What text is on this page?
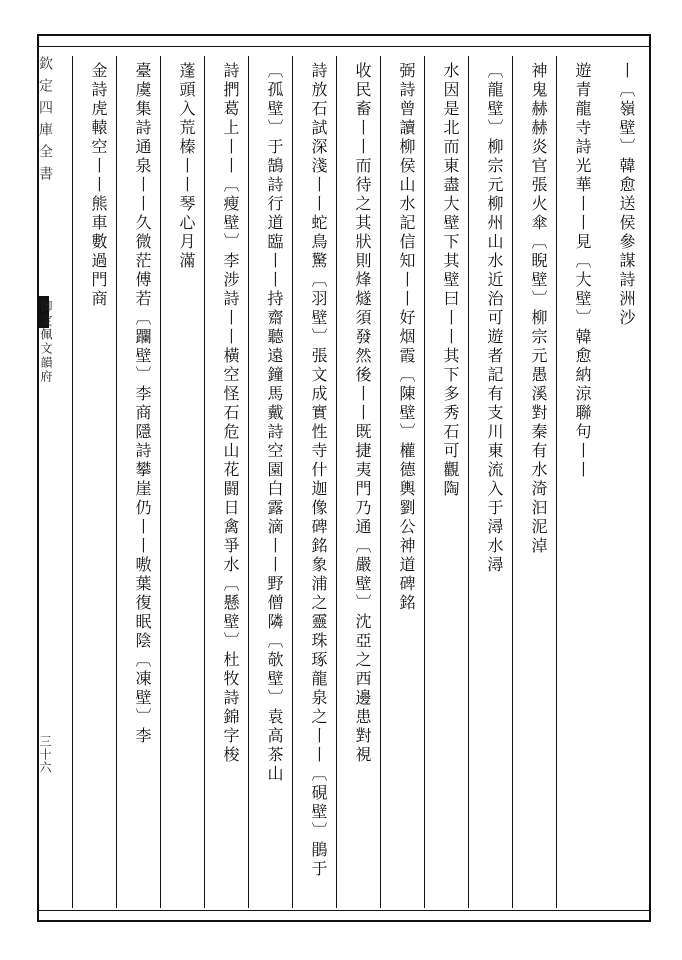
欽定四庫全書
御定佩文韻府
三十六
丨〔嶺壁〕韓愈送侯參謀詩洲沙
遊青龍寺詩光華丨丨見〔大壁〕韓愈納涼聯句丨丨
神鬼赫赫炎官張火傘〔睨壁〕柳宗元愚溪對秦有水渏汩泥淖
〔龍壁〕柳宗元柳州山水近治可遊者記有支川東流入于潯水潯
水因是北而東盡大壁下其壁曰丨丨其下多秀石可觀陶
弼詩曾讀柳侯山水記信知丨丨好烟霞〔陳壁〕權德輿劉公神道碑銘
收民畜丨丨而待之其狀則烽燧須發然後丨丨既捷夷門乃通〔嚴壁〕沈亞之西邊患對視
詩放石試深淺丨丨蛇鳥驚〔羽壁〕張文成實性寺什迦像碑銘象浦之靈珠琢龍泉之丨丨〔硯壁〕鵑于
〔孤壁〕于鵠詩行道臨丨丨持齋聽遠鐘馬戴詩空園白露滴丨丨野僧隣〔欹壁〕袁高茶山
詩捫葛上丨丨〔瘦壁〕李涉詩丨丨橫空怪石危山花闘日禽爭水〔懸壁〕杜牧詩錦字梭
蓬頭入荒榛丨丨琴心月滿
臺虞集詩通泉丨丨久微茫傅若〔躝壁〕李商隱詩攀崖仍丨丨嗷葉復眠陰〔凍壁〕李
金詩虎轅空丨丨熊車數過門商
